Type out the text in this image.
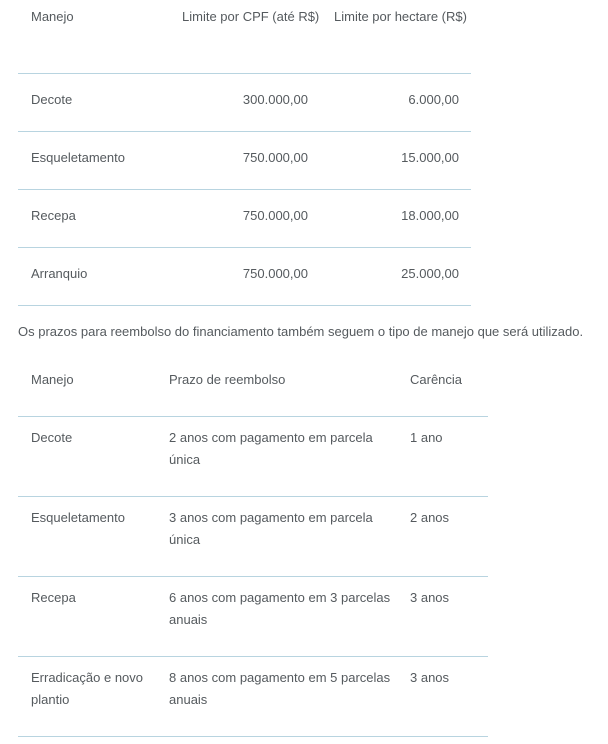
Manejo	Limite por CPF (até R$)	Limite por hectare (R$)
Decote	300.000,00	6.000,00
Esqueletamento	750.000,00	15.000,00
Recepa	750.000,00	18.000,00
Arranquio	750.000,00	25.000,00

Os prazos para reembolso do financiamento também seguem o tipo de manejo que será utilizado.

Manejo	Prazo de reembolso	Carência
Decote	2 anos com pagamento em parcela única	1 ano
Esqueletamento	3 anos com pagamento em parcela única	2 anos
Recepa	6 anos com pagamento em 3 parcelas anuais	3 anos
Erradicação e novo plantio	8 anos com pagamento em 5 parcelas anuais	3 anos
